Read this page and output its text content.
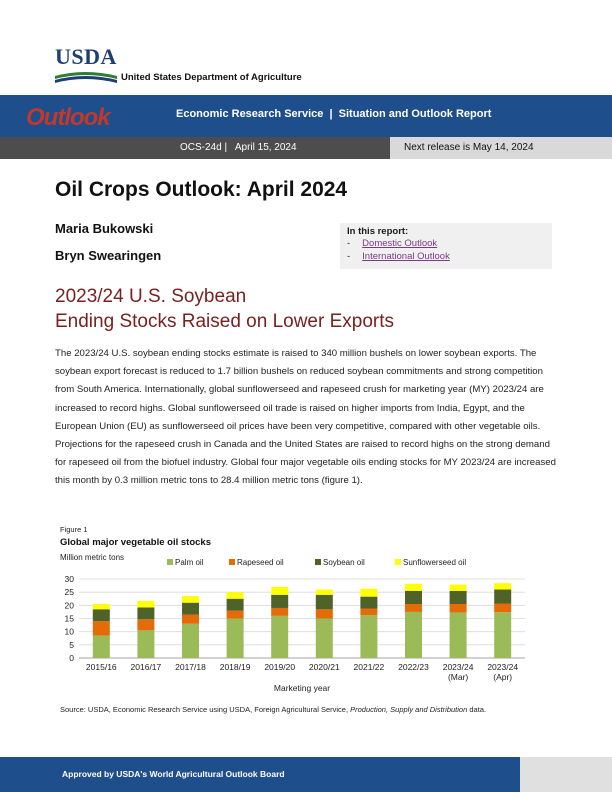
USDA
United States Department of Agriculture
Outlook	Economic Research Service  |  Situation and Outlook Report
OCS-24d |   April 15, 2024	Next release is May 14, 2024
Oil Crops Outlook: April 2024
Maria Bukowski
Bryn Swearingen
In this report:
- Domestic Outlook
- International Outlook
2023/24 U.S. Soybean
Ending Stocks Raised on Lower Exports

The 2023/24 U.S. soybean ending stocks estimate is raised to 340 million bushels on lower soybean exports. The soybean export forecast is reduced to 1.7 billion bushels on reduced soybean commitments and strong competition from South America. Internationally, global sunflowerseed and rapeseed crush for marketing year (MY) 2023/24 are increased to record highs. Global sunflowerseed oil trade is raised on higher imports from India, Egypt, and the European Union (EU) as sunflowerseed oil prices have been very competitive, compared with other vegetable oils. Projections for the rapeseed crush in Canada and the United States are raised to record highs on the strong demand for rapeseed oil from the biofuel industry. Global four major vegetable oils ending stocks for MY 2023/24 are increased this month by 0.3 million metric tons to 28.4 million metric tons (figure 1).

Figure 1
Global major vegetable oil stocks
Million metric tons
Palm oil	Rapeseed oil	Soybean oil	Sunflowerseed oil
0
5
10
15
20
25
30
2015/16 2016/17 2017/18 2018/19 2019/20 2020/21 2021/22 2022/23 2023/24
(Mar)
2023/24
(Apr)
Marketing year
Source: USDA, Economic Research Service using USDA, Foreign Agricultural Service, Production, Supply and Distribution data.
Approved by USDA's World Agricultural Outlook Board
